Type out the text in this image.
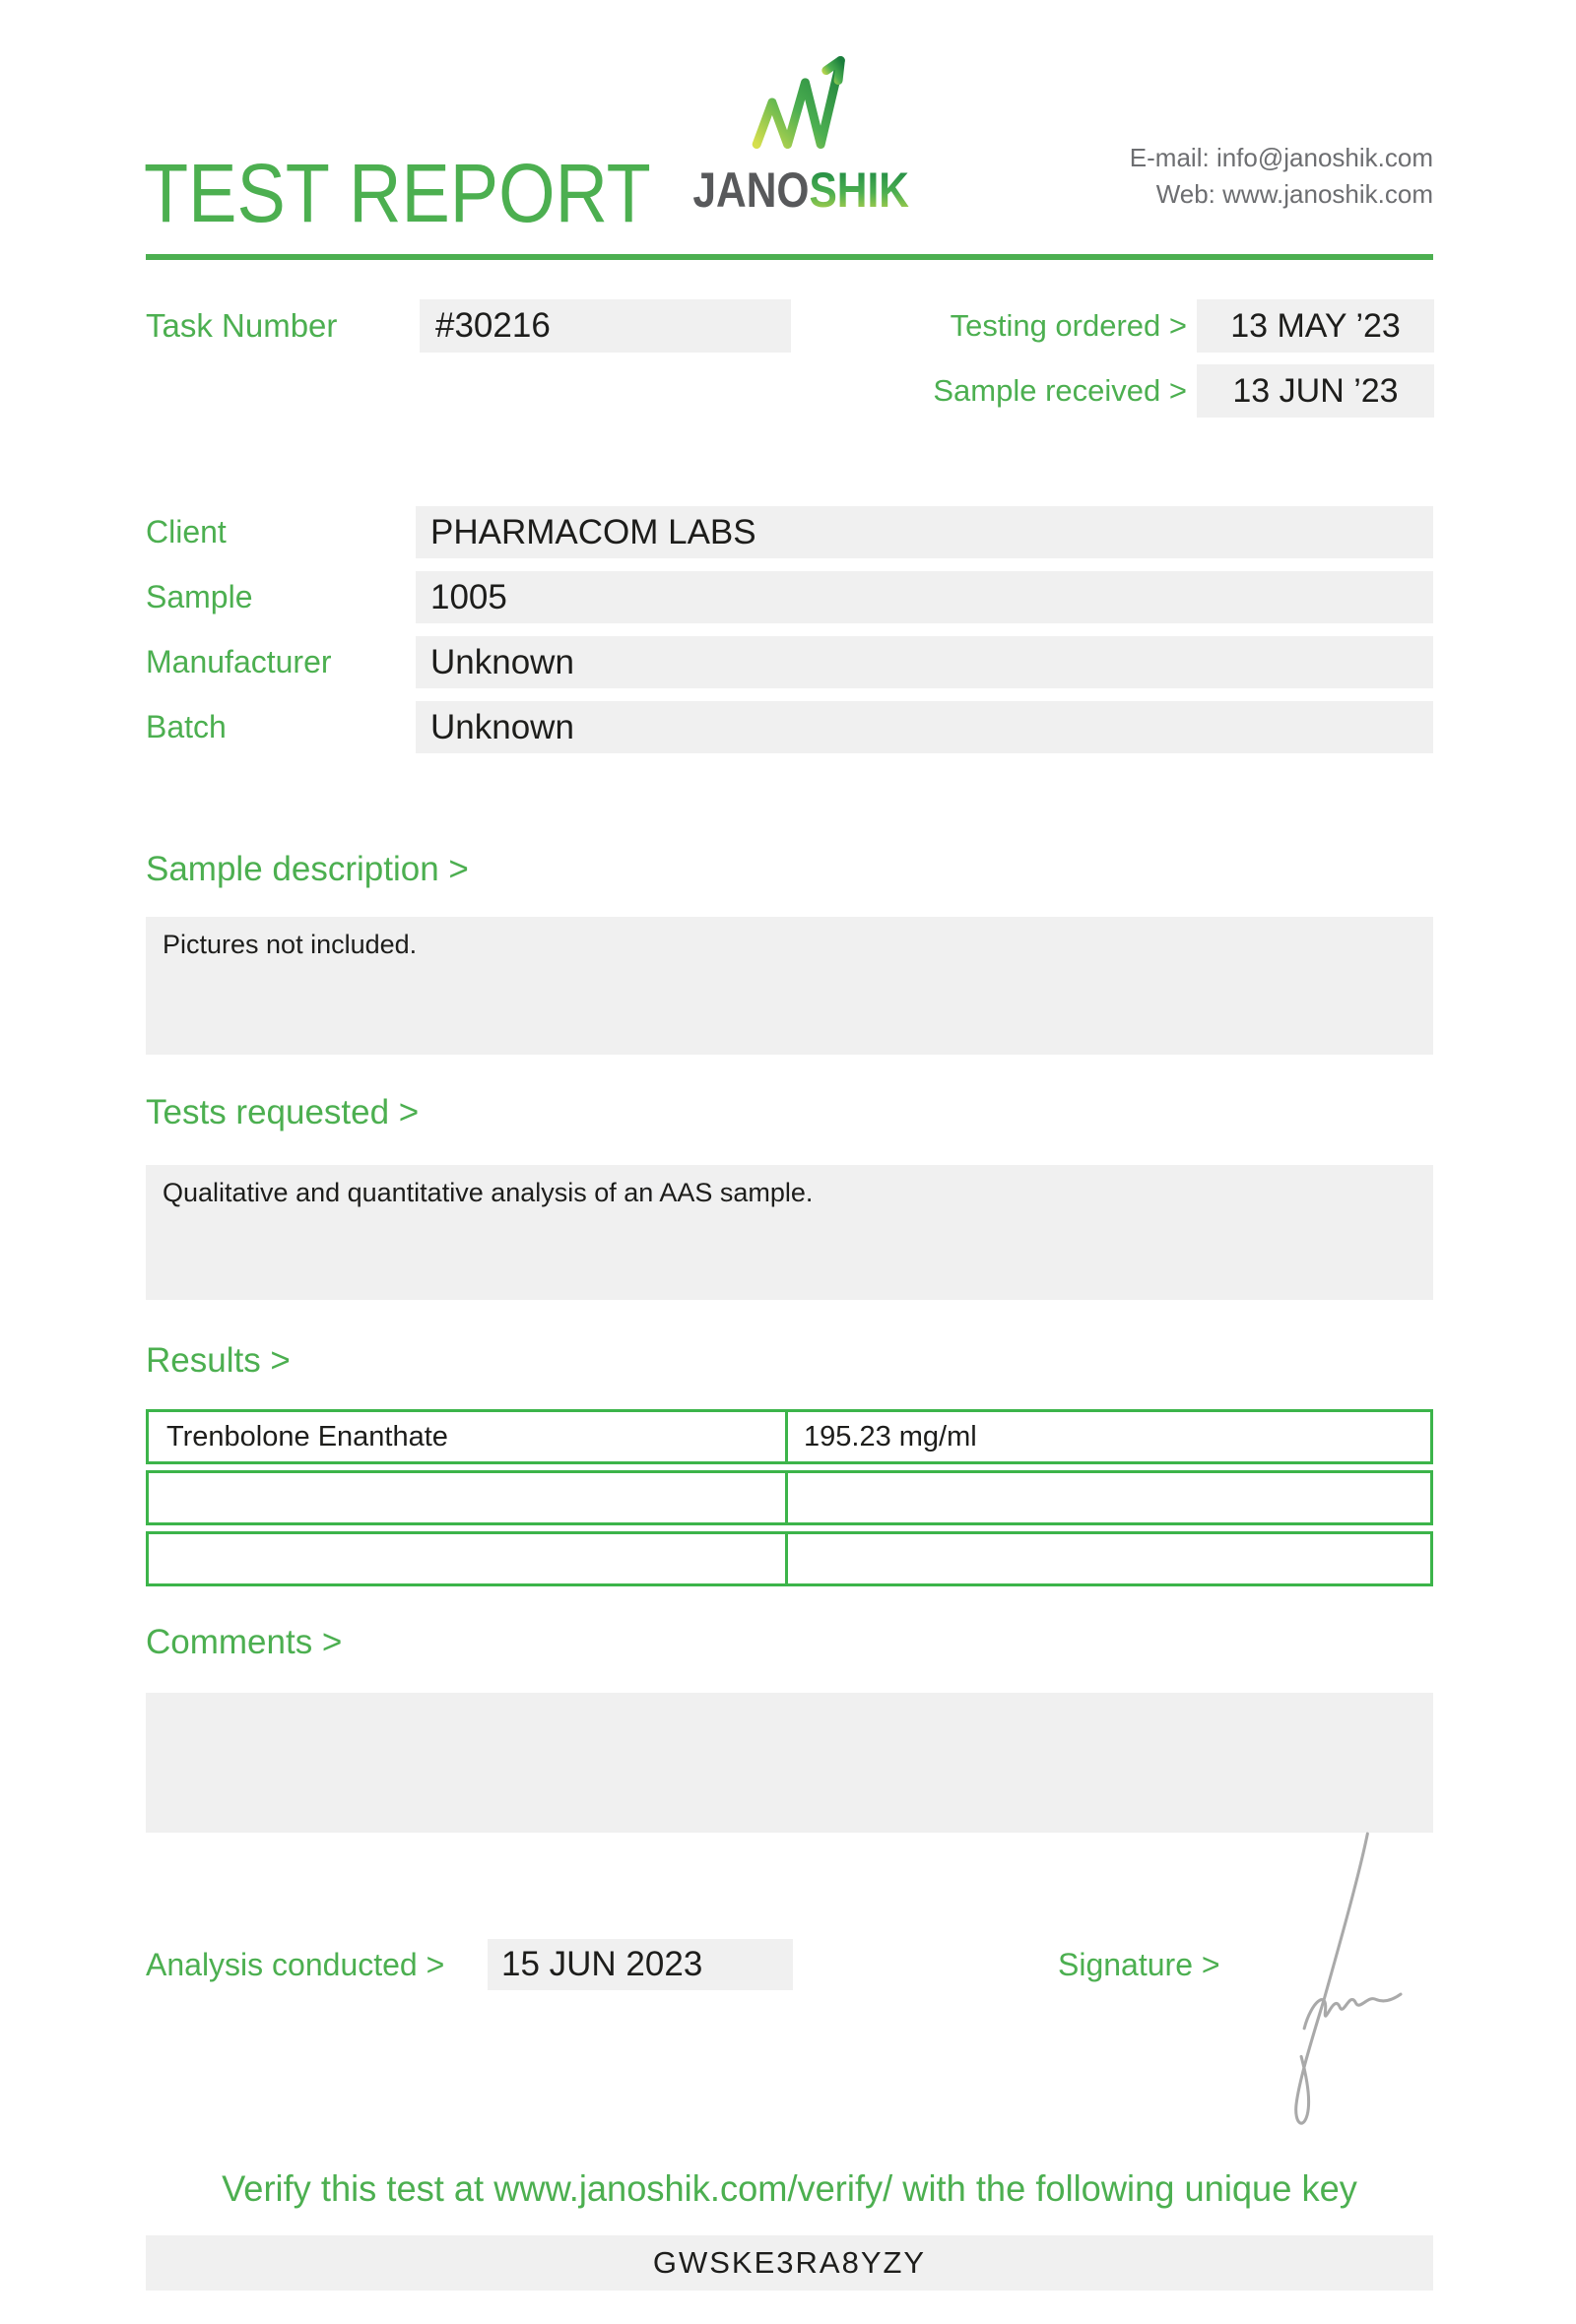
TEST REPORT JANOSHIK
E-mail: info@janoshik.com
Web: www.janoshik.com
Task Number	#30216	Testing ordered >	13 MAY ’23
Sample received >	13 JUN ’23
Client	PHARMACOM LABS
Sample	1005
Manufacturer	Unknown
Batch	Unknown
Sample description >
Pictures not included.
Tests requested >
Qualitative and quantitative analysis of an AAS sample.
Results >
Trenbolone Enanthate	195.23 mg/ml
Comments >
Analysis conducted >	15 JUN 2023	Signature >
Verify this test at www.janoshik.com/verify/ with the following unique key
GWSKE3RA8YZY
